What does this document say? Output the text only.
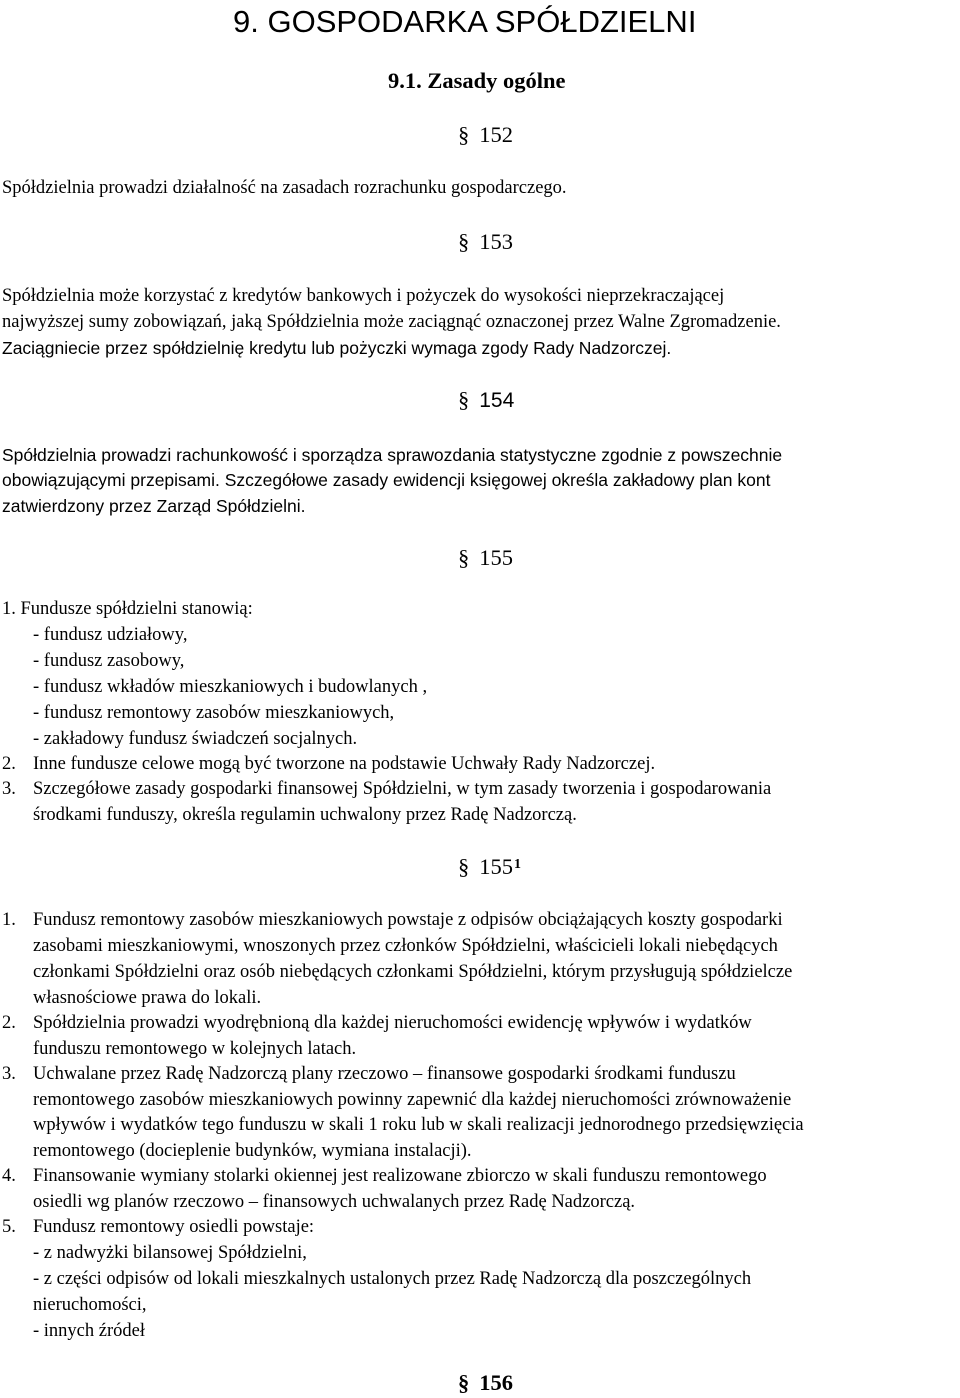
9. GOSPODARKA SPÓŁDZIELNI
9.1. Zasady ogólne
§ 152
Spółdzielnia prowadzi działalność na zasadach rozrachunku gospodarczego.
§ 153
Spółdzielnia może korzystać z kredytów bankowych i pożyczek do wysokości nieprzekraczającej
najwyższej sumy zobowiązań, jaką Spółdzielnia może zaciągnąć oznaczonej przez Walne Zgromadzenie.
Zaciągniecie przez spółdzielnię kredytu lub pożyczki wymaga zgody Rady Nadzorczej.
§ 154
Spółdzielnia prowadzi rachunkowość i sporządza sprawozdania statystyczne zgodnie z powszechnie
obowiązującymi przepisami. Szczegółowe zasady ewidencji księgowej określa zakładowy plan kont
zatwierdzony przez Zarząd Spółdzielni.
§ 155
1. Fundusze spółdzielni stanowią:
- fundusz udziałowy,
- fundusz zasobowy,
- fundusz wkładów mieszkaniowych i budowlanych ,
- fundusz remontowy zasobów mieszkaniowych,
- zakładowy fundusz świadczeń socjalnych.
2. Inne fundusze celowe mogą być tworzone na podstawie Uchwały Rady Nadzorczej.
3. Szczegółowe zasady gospodarki finansowej Spółdzielni, w tym zasady tworzenia i gospodarowania
środkami funduszy, określa regulamin uchwalony przez Radę Nadzorczą.
§ $155^1$
1. Fundusz remontowy zasobów mieszkaniowych powstaje z odpisów obciążających koszty gospodarki
zasobami mieszkaniowymi, wnoszonych przez członków Spółdzielni, właścicieli lokali niebędących
członkami Spółdzielni oraz osób niebędących członkami Spółdzielni, którym przysługują spółdzielcze
własnościowe prawa do lokali.
2. Spółdzielnia prowadzi wyodrębnioną dla każdej nieruchomości ewidencję wpływów i wydatków
funduszu remontowego w kolejnych latach.
3. Uchwalane przez Radę Nadzorczą plany rzeczowo – finansowe gospodarki środkami funduszu
remontowego zasobów mieszkaniowych powinny zapewnić dla każdej nieruchomości zrównoważenie
wpływów i wydatków tego funduszu w skali 1 roku lub w skali realizacji jednorodnego przedsięwzięcia
remontowego (docieplenie budynków, wymiana instalacji).
4. Finansowanie wymiany stolarki okiennej jest realizowane zbiorczo w skali funduszu remontowego
osiedli wg planów rzeczowo – finansowych uchwalanych przez Radę Nadzorczą.
5. Fundusz remontowy osiedli powstaje:
- z nadwyżki bilansowej Spółdzielni,
- z części odpisów od lokali mieszkalnych ustalonych przez Radę Nadzorczą dla poszczególnych
nieruchomości,
- innych źródeł
§ 156
